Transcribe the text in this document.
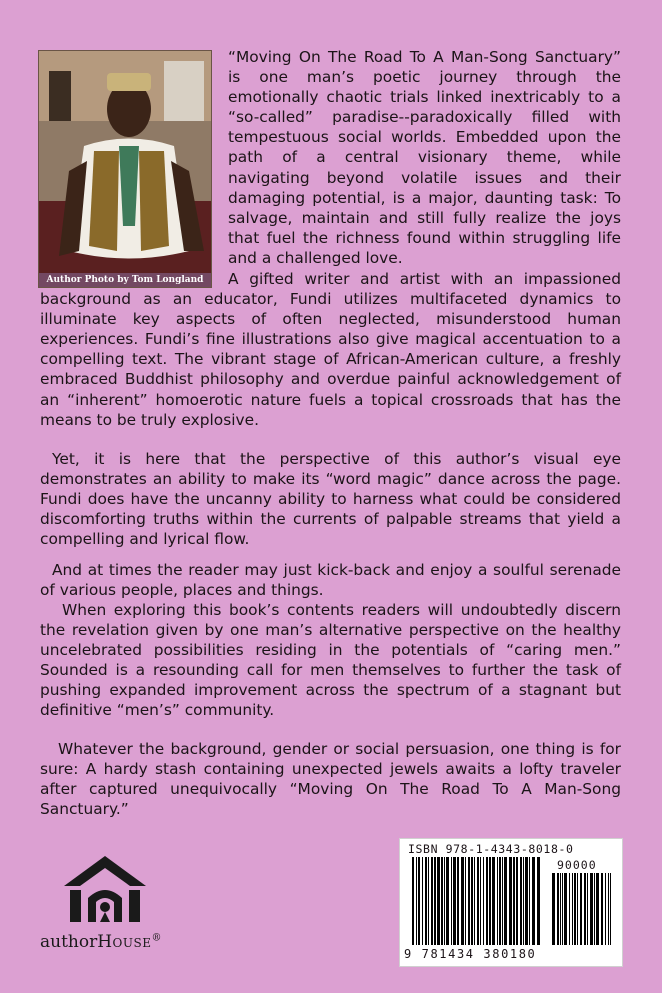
Author Photo by Tom Longland

“Moving On The Road To A Man-Song Sanctuary” is one man’s poetic journey through the emotionally chaotic trials linked inextricably to a “so-called” paradise--paradoxically filled with tempestuous social worlds. Embedded upon the path of a central visionary theme, while navigating beyond volatile issues and their damaging potential, is a major, daunting task: To salvage, maintain and still fully realize the joys that fuel the richness found within struggling life and a challenged love.

A gifted writer and artist with an impassioned background as an educator, Fundi utilizes multifaceted dynamics to illuminate key aspects of often neglected, misunderstood human experiences. Fundi’s fine illustrations also give magical accentuation to a compelling text. The vibrant stage of African-American culture, a freshly embraced Buddhist philosophy and overdue painful acknowledgement of an “inherent” homoerotic nature fuels a topical crossroads that has the means to be truly explosive.

Yet, it is here that the perspective of this author’s visual eye demonstrates an ability to make its “word magic” dance across the page. Fundi does have the uncanny ability to harness what could be considered discomforting truths within the currents of palpable streams that yield a compelling and lyrical flow.

And at times the reader may just kick-back and enjoy a soulful serenade of various people, places and things.

When exploring this book’s contents readers will undoubtedly discern the revelation given by one man’s alternative perspective on the healthy uncelebrated possibilities residing in the potentials of “caring men.” Sounded is a resounding call for men themselves to further the task of pushing expanded improvement across the spectrum of a stagnant but definitive “men’s” community.

Whatever the background, gender or social persuasion, one thing is for sure: A hardy stash containing unexpected jewels awaits a lofty traveler after captured unequivocally “Moving On The Road To A Man-Song Sanctuary.”

authorHouse®
ISBN 978-1-4343-8018-0
90000
9 781434 380180
